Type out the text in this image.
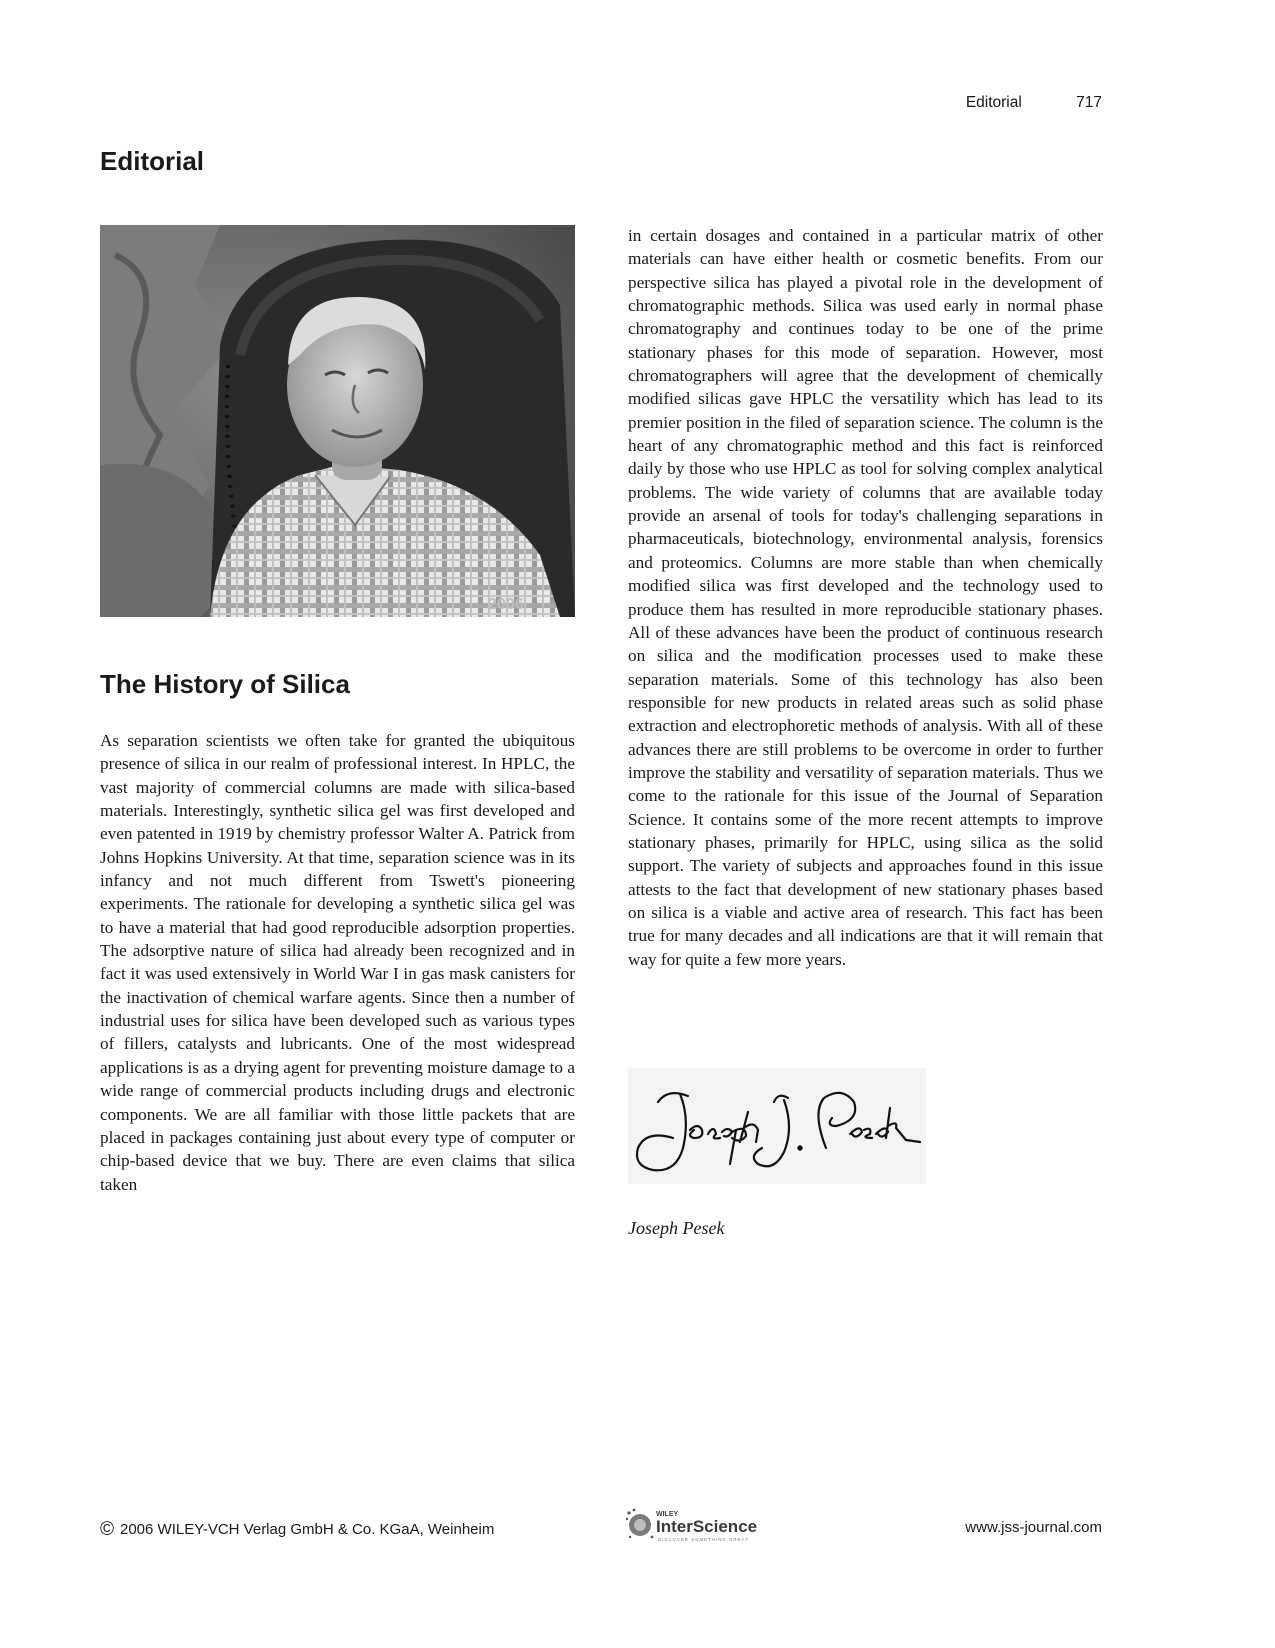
Editorial	717
Editorial
2006
The History of Silica

As separation scientists we often take for granted the ubiquitous presence of silica in our realm of professional interest. In HPLC, the vast majority of commercial columns are made with silica-based materials. Interestingly, synthetic silica gel was first developed and even patented in 1919 by chemistry professor Walter A. Patrick from Johns Hopkins University. At that time, separation science was in its infancy and not much different from Tswett's pioneering experiments. The rationale for developing a synthetic silica gel was to have a material that had good reproducible adsorption properties. The adsorptive nature of silica had already been recognized and in fact it was used extensively in World War I in gas mask canisters for the inactivation of chemical warfare agents. Since then a number of industrial uses for silica have been developed such as various types of fillers, catalysts and lubricants. One of the most widespread applications is as a drying agent for preventing moisture damage to a wide range of commercial products including drugs and electronic components. We are all familiar with those little packets that are placed in packages containing just about every type of computer or chip-based device that we buy. There are even claims that silica taken

in certain dosages and contained in a particular matrix of other materials can have either health or cosmetic benefits. From our perspective silica has played a pivotal role in the development of chromatographic methods. Silica was used early in normal phase chromatography and continues today to be one of the prime stationary phases for this mode of separation. However, most chromatographers will agree that the development of chemically modified silicas gave HPLC the versatility which has lead to its premier position in the filed of separation science. The column is the heart of any chromatographic method and this fact is reinforced daily by those who use HPLC as tool for solving complex analytical problems. The wide variety of columns that are available today provide an arsenal of tools for today's challenging separations in pharmaceuticals, biotechnology, environmental analysis, forensics and proteomics. Columns are more stable than when chemically modified silica was first developed and the technology used to produce them has resulted in more reproducible stationary phases. All of these advances have been the product of continuous research on silica and the modification processes used to make these separation materials. Some of this technology has also been responsible for new products in related areas such as solid phase extraction and electrophoretic methods of analysis. With all of these advances there are still problems to be overcome in order to further improve the stability and versatility of separation materials. Thus we come to the rationale for this issue of the Journal of Separation Science. It contains some of the more recent attempts to improve stationary phases, primarily for HPLC, using silica as the solid support. The variety of subjects and approaches found in this issue attests to the fact that development of new stationary phases based on silica is a viable and active area of research. This fact has been true for many decades and all indications are that it will remain that way for quite a few more years.

Joseph Pesek
© 2006 WILEY-VCH Verlag GmbH & Co. KGaA, Weinheim
WILEY
InterScience
DISCOVER SOMETHING GREAT
www.jss-journal.com
